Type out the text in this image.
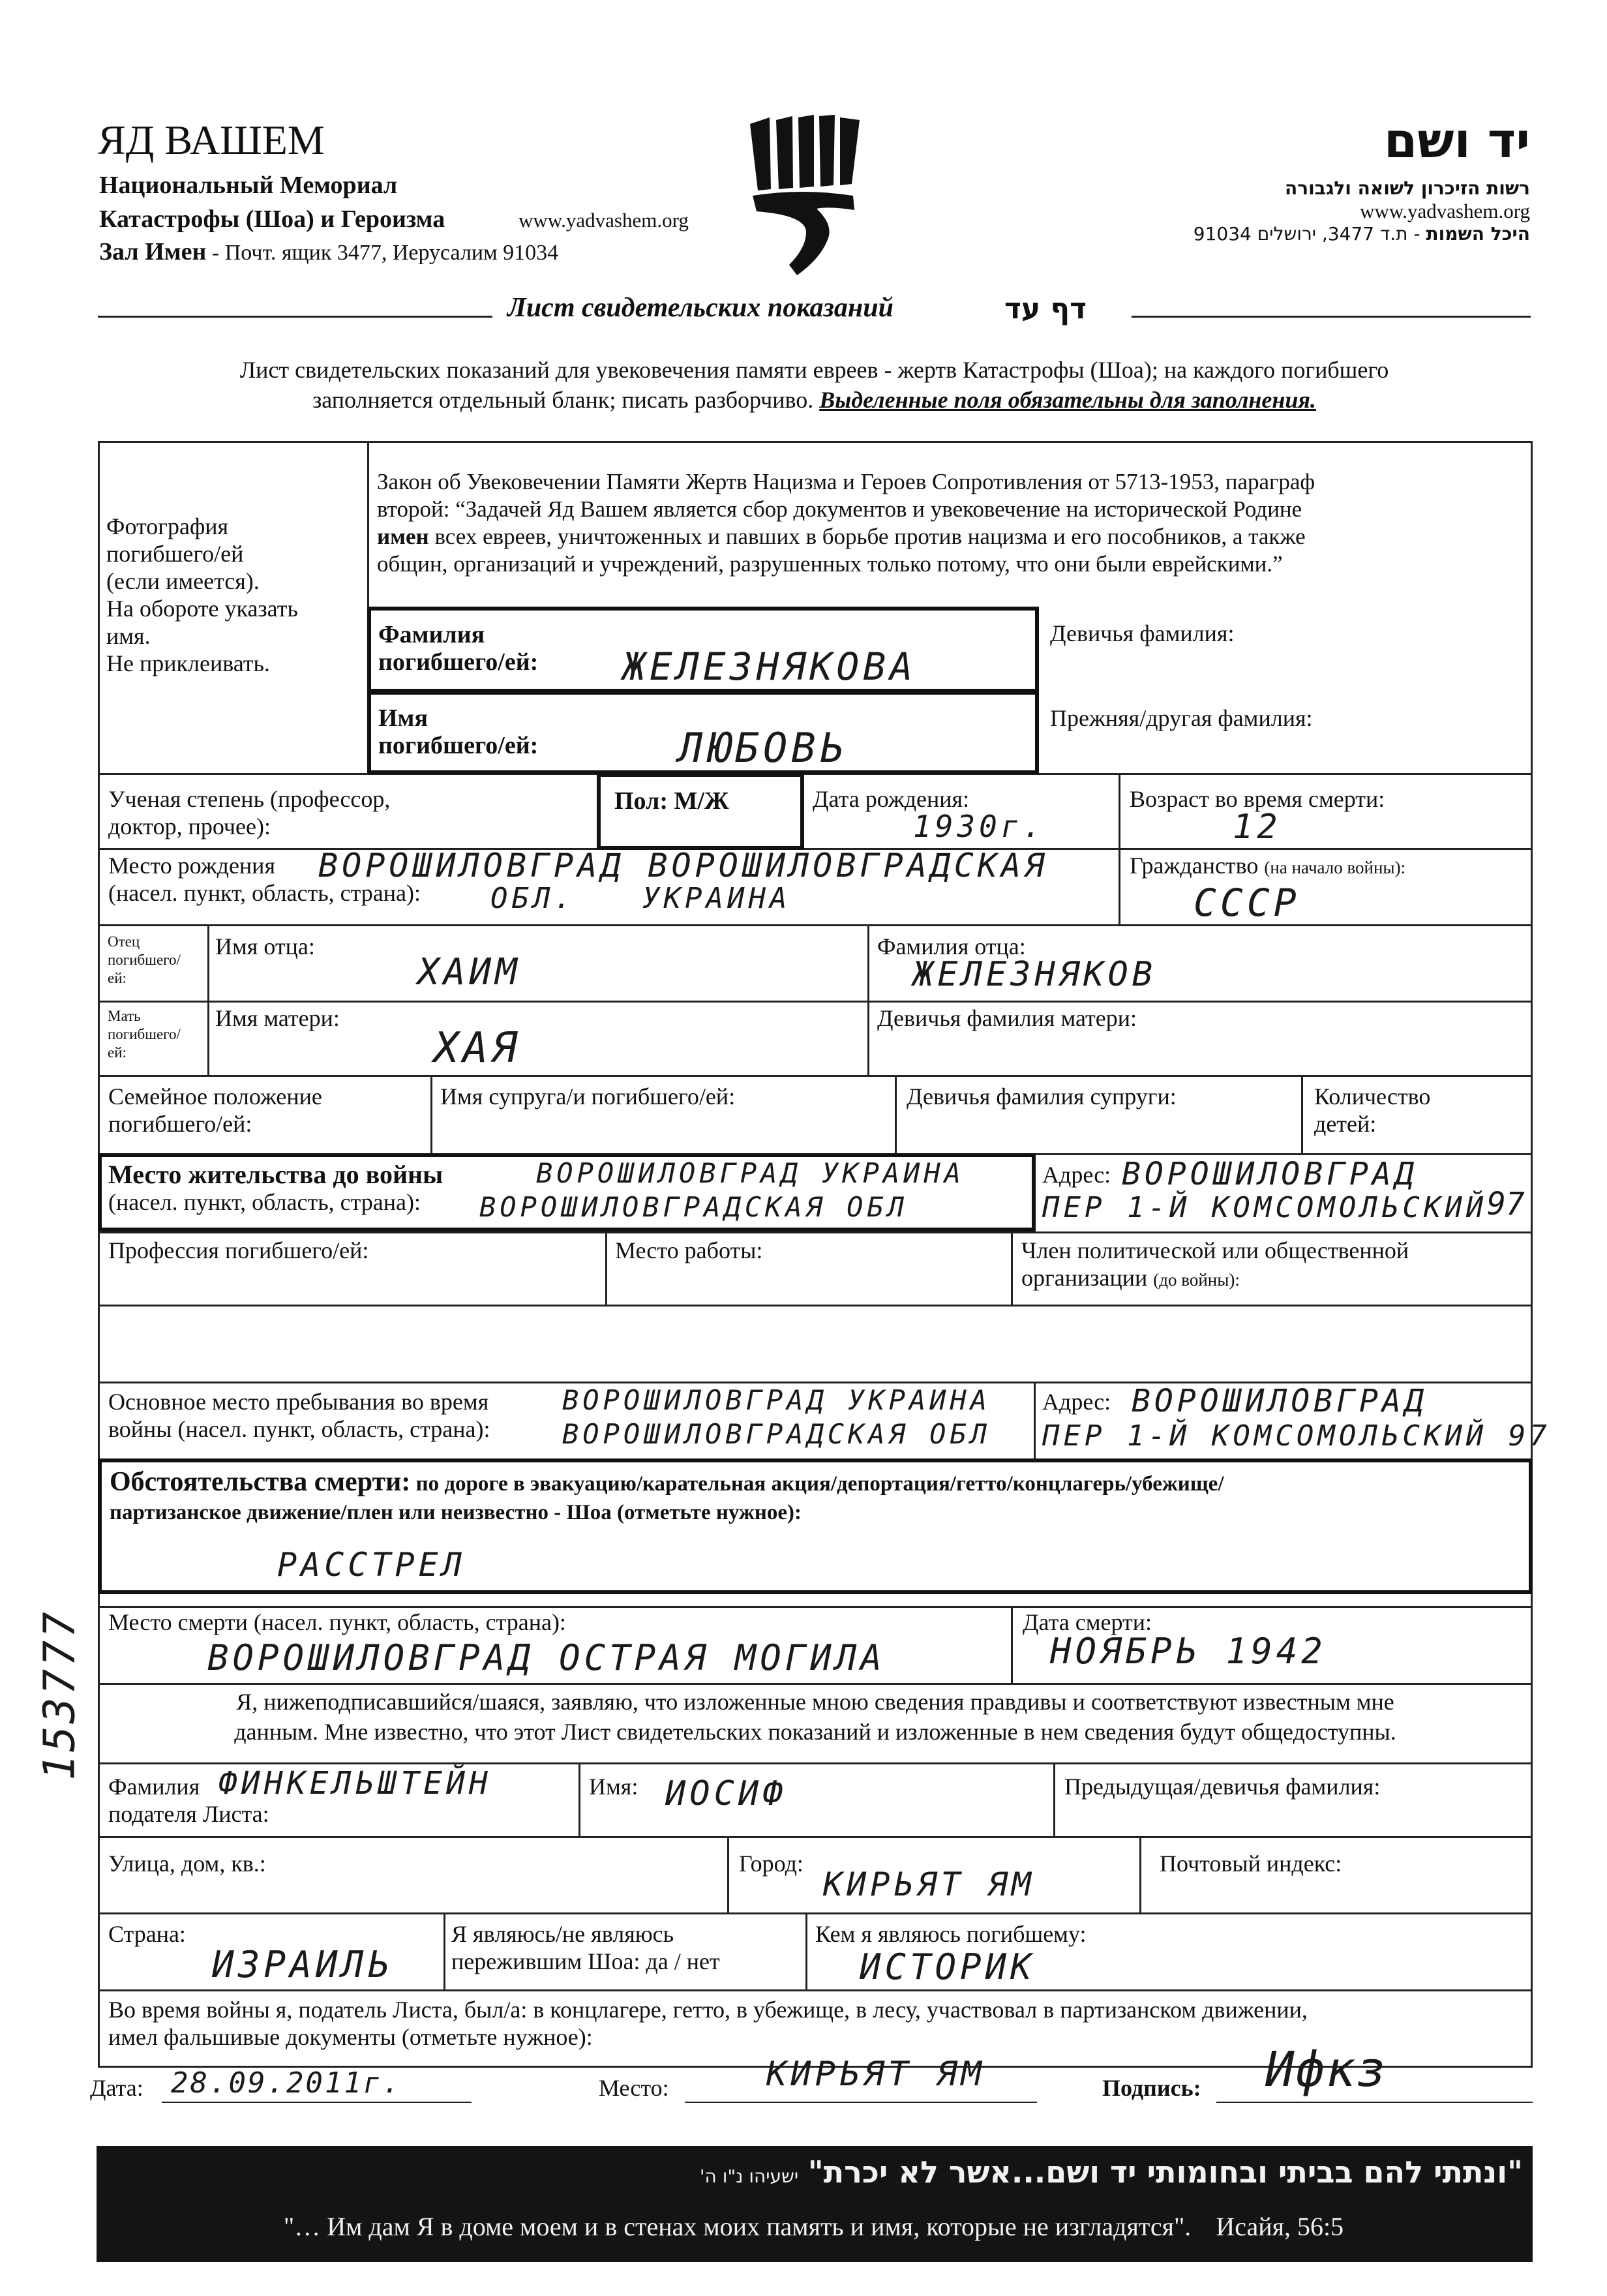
ЯД ВАШЕМ
Национальный Мемориал
Катастрофы (Шоа) и Героизма	www.yadvashem.org
Зал Имен - Почт. ящик 3477, Иерусалим 91034
יד ושם
רשות הזיכרון לשואה ולגבורה
www.yadvashem.org
היכל השמות - ת.ד 3477, ירושלים 91034
Лист свидетельских показаний	דף עד
Лист свидетельских показаний для увековечения памяти евреев - жертв Катастрофы (Шоа); на каждого погибшего
заполняется отдельный бланк; писать разборчиво. Выделенные поля обязательны для заполнения.
Фотография
погибшего/ей
(если имеется).
На обороте указать
имя.
Не приклеивать.
Закон об Увековечении Памяти Жертв Нацизма и Героев Сопротивления от 5713-1953, параграф
второй: “Задачей Яд Вашем является сбор документов и увековечение на исторической Родине
имен всех евреев, уничтоженных и павших в борьбе против нацизма и его пособников, а также
общин, организаций и учреждений, разрушенных только потому, что они были еврейскими.”
Фамилия
погибшего/ей: ЖЕЛЕЗНЯКОВА
Девичья фамилия:
Имя
погибшего/ей:	ЛЮБОВЬ
Прежняя/другая фамилия:
Ученая степень (профессор,
доктор, прочее):
Пол: М/Ж	Дата рождения:
1930г.
Возраст во время смерти:
12
Место рождения
(насел. пункт, область, страна):
ВОРОШИЛОВГРАД ВОРОШИЛОВГРАДСКАЯ
ОБЛ. УКРАИНА
Гражданство (на начало войны):
СССР
Отец
погибшего/
ей:
Имя отца:
ХАИМ
Фамилия отца:
ЖЕЛЕЗНЯКОВ
Мать
погибшего/
ей:
Имя матери:
ХАЯ
Девичья фамилия матери:
Семейное положение
погибшего/ей:
Имя супруга/и погибшего/ей:	Девичья фамилия супруги:	Количество
детей:
Место жительства до войны
(насел. пункт, область, страна):
ВОРОШИЛОВГРАД УКРАИНА
ВОРОШИЛОВГРАДСКАЯ ОБЛ
Адрес: ВОРОШИЛОВГРАД
ПЕР 1-Й КОМСОМОЛЬСКИЙ 97
Профессия погибшего/ей:	Место работы:	Член политической или общественной
организации (до войны):
Основное место пребывания во время
войны (насел. пункт, область, страна):
ВОРОШИЛОВГРАД УКРАИНА
ВОРОШИЛОВГРАДСКАЯ ОБЛ
Адрес: ВОРОШИЛОВГРАД
ПЕР 1-Й КОМСОМОЛЬСКИЙ 97
Обстоятельства смерти: по дороге в эвакуацию/карательная акция/депортация/гетто/концлагерь/убежище/
партизанское движение/плен или неизвестно - Шоа (отметьте нужное):
РАССТРЕЛ
Место смерти (насел. пункт, область, страна):
ВОРОШИЛОВГРАД ОСТРАЯ МОГИЛА
Дата смерти:
НОЯБРЬ 1942
153777	Я, нижеподписавшийся/шаяся, заявляю, что изложенные мною сведения правдивы и соответствуют известным мне
данным. Мне известно, что этот Лист свидетельских показаний и изложенные в нем сведения будут общедоступны.
Фамилия
подателя Листа:
ФИНКЕЛЬШТЕЙН	Имя: ИОСИФ	Предыдущая/девичья фамилия:
Улица, дом, кв.:	Город:
КИРЬЯТ ЯМ
Почтовый индекс:
Страна:
ИЗРАИЛЬ
Я являюсь/не являюсь
пережившим Шоа: да / нет
Кем я являюсь погибшему:
ИСТОРИК
Во время войны я, податель Листа, был/а: в концлагере, гетто, в убежище, в лесу, участвовал в партизанском движении,
имел фальшивые документы (отметьте нужное):
Дата: 28.09.2011г.	Место:	КИРЬЯТ ЯМ	Подпись: Ифкз
"ונתתי להם בביתי ובחומותי יד ושם...אשר לא יכרת" ישעיהו נ"ו ה'
"… Им дам Я в доме моем и в стенах моих память и имя, которые не изгладятся". Исайя, 56:5
